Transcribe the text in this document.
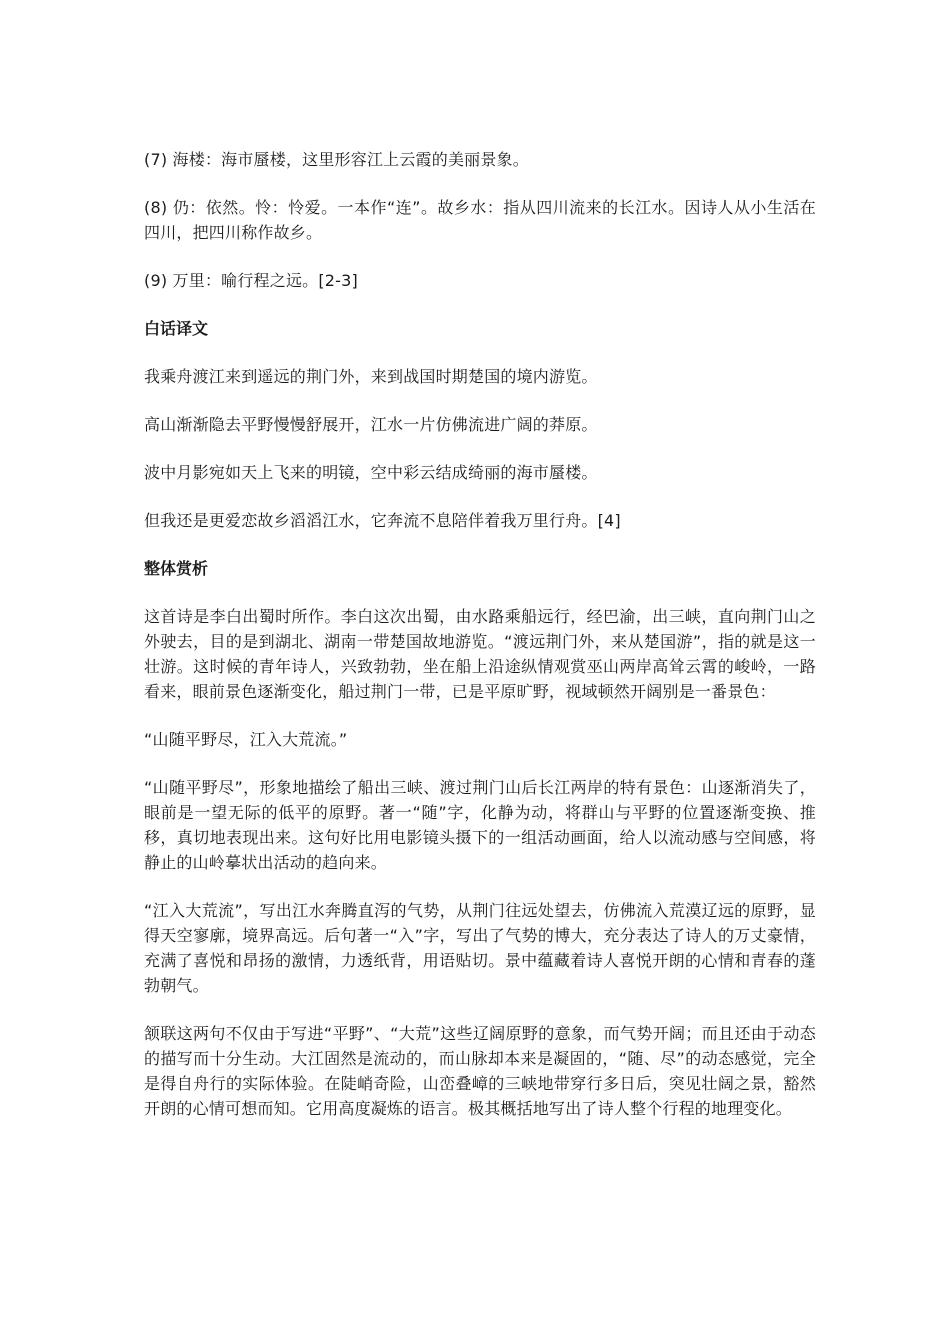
(7) 海楼：海市蜃楼，这里形容江上云霞的美丽景象。

(8) 仍：依然。怜：怜爱。一本作“连”。故乡水：指从四川流来的长江水。因诗人从小生活在四川，把四川称作故乡。

(9) 万里：喻行程之远。[2-3]

白话译文

我乘舟渡江来到遥远的荆门外，来到战国时期楚国的境内游览。

高山渐渐隐去平野慢慢舒展开，江水一片仿佛流进广阔的莽原。

波中月影宛如天上飞来的明镜，空中彩云结成绮丽的海市蜃楼。

但我还是更爱恋故乡滔滔江水，它奔流不息陪伴着我万里行舟。[4]

整体赏析

这首诗是李白出蜀时所作。李白这次出蜀，由水路乘船远行，经巴渝，出三峡，直向荆门山之外驶去，目的是到湖北、湖南一带楚国故地游览。“渡远荆门外，来从楚国游”，指的就是这一壮游。这时候的青年诗人，兴致勃勃，坐在船上沿途纵情观赏巫山两岸高耸云霄的峻岭，一路看来，眼前景色逐渐变化，船过荆门一带，已是平原旷野，视域顿然开阔别是一番景色：

“山随平野尽，江入大荒流。”

“山随平野尽”，形象地描绘了船出三峡、渡过荆门山后长江两岸的特有景色：山逐渐消失了，眼前是一望无际的低平的原野。著一“随”字，化静为动，将群山与平野的位置逐渐变换、推移，真切地表现出来。这句好比用电影镜头摄下的一组活动画面，给人以流动感与空间感，将静止的山岭摹状出活动的趋向来。

“江入大荒流”，写出江水奔腾直泻的气势，从荆门往远处望去，仿佛流入荒漠辽远的原野，显得天空寥廓，境界高远。后句著一“入”字，写出了气势的博大，充分表达了诗人的万丈豪情，充满了喜悦和昂扬的激情，力透纸背，用语贴切。景中蕴藏着诗人喜悦开朗的心情和青春的蓬勃朝气。

颔联这两句不仅由于写进“平野”、“大荒”这些辽阔原野的意象，而气势开阔；而且还由于动态的描写而十分生动。大江固然是流动的，而山脉却本来是凝固的，“随、尽”的动态感觉，完全是得自舟行的实际体验。在陡峭奇险，山峦叠嶂的三峡地带穿行多日后，突见壮阔之景，豁然开朗的心情可想而知。它用高度凝炼的语言。极其概括地写出了诗人整个行程的地理变化。
